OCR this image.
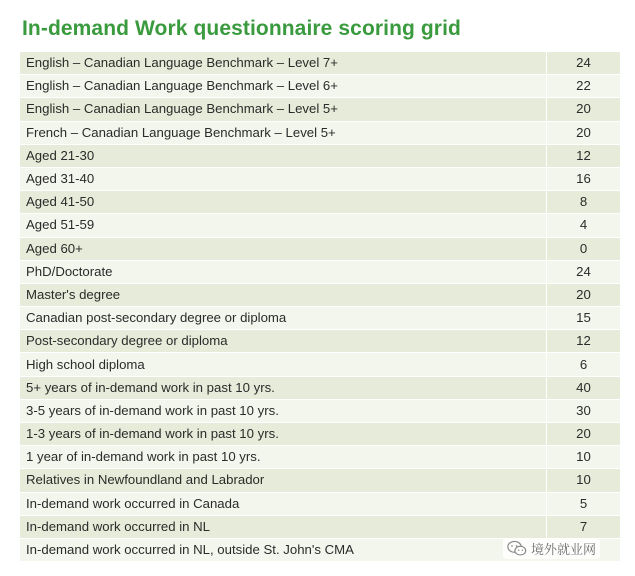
In-demand Work questionnaire scoring grid
English – Canadian Language Benchmark – Level 7+	24
English – Canadian Language Benchmark – Level 6+	22
English – Canadian Language Benchmark – Level 5+	20
French – Canadian Language Benchmark – Level 5+	20
Aged 21-30	12
Aged 31-40	16
Aged 41-50	8
Aged 51-59	4
Aged 60+	0
PhD/Doctorate	24
Master's degree	20
Canadian post-secondary degree or diploma	15
Post-secondary degree or diploma	12
High school diploma	6
5+ years of in-demand work in past 10 yrs.	40
3-5 years of in-demand work in past 10 yrs.	30
1-3 years of in-demand work in past 10 yrs.	20
1 year of in-demand work in past 10 yrs.	10
Relatives in Newfoundland and Labrador	10
In-demand work occurred in Canada	5
In-demand work occurred in NL	7
In-demand work occurred in NL, outside St. John's CMA		境外就业网
